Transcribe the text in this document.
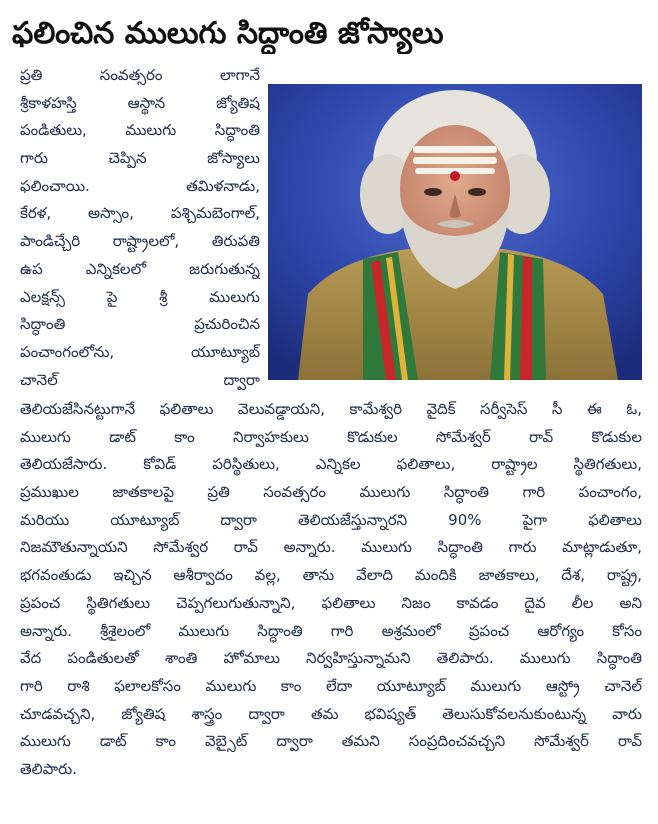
ఫలించిన ములుగు సిద్ధాంతి జోస్యాలు
ప్రతి సంవత్సరం లాగానే
శ్రీకాళహస్తి ఆస్థాన జ్యోతిష
పండితులు, ములుగు సిద్ధాంతి
గారు చెప్పిన జోస్యాలు
ఫలించాయి. తమిళనాడు,
కేరళ, అస్సాం, పశ్చిమబెంగాల్,
పాండిచ్చేరి రాష్ట్రాలలో, తిరుపతి
ఉప ఎన్నికలలో జరుగుతున్న
ఎలక్షన్స్ పై శ్రీ ములుగు
సిద్ధాంతి ప్రచురించిన
పంచాంగంలోను, యూట్యూబ్
చానెల్ ద్వారా
తెలియజేసినట్టుగానే ఫలితాలు వెలువడ్డాయని, కామేశ్వరి వైదిక్ సర్వీసెస్ సీ ఈ ఓ,
ములుగు డాట్ కాం నిర్వాహకులు కొడుకుల సోమేశ్వర్ రావ్ కొడుకుల
తెలియజేసారు. కోవిడ్ పరిస్థితులు, ఎన్నికల ఫలితాలు, రాష్ట్రాల స్థితిగతులు,
ప్రముఖుల జాతకాలపై ప్రతి సంవత్సరం ములుగు సిద్ధాంతి గారి పంచాంగం,
మరియు యూట్యూబ్ ద్వారా తెలియజేస్తున్నారని 90% పైగా ఫలితాలు
నిజమౌతున్నాయని సోమేశ్వర రావ్ అన్నారు. ములుగు సిద్ధాంతి గారు మాట్లాడుతూ,
భగవంతుడు ఇచ్చిన ఆశీర్వాదం వల్ల, తాను వేలాది మందికి జాతకాలు, దేశ, రాష్ట్ర,
ప్రపంచ స్థితిగతులు చెప్పగలుగుతున్నాని, ఫలితాలు నిజం కావడం దైవ లీల అని
అన్నారు. శ్రీశైలంలో ములుగు సిద్ధాంతి గారి అశ్రమంలో ప్రపంచ ఆరోగ్యం కోసం
వేద పండితులతో శాంతి హోమాలు నిర్వహిస్తున్నామని తెలిపారు. ములుగు సిద్ధాంతి
గారి రాశి ఫలాలకోసం ములుగు కాం లేదా యూట్యూబ్ ములుగు ఆస్ట్రో చానెల్
చూడవచ్చని, జ్యోతిష శాస్త్రం ద్వారా తమ భవిష్యత్ తెలుసుకోవలనుకుంటున్న వారు
ములుగు డాట్ కాం వెబ్సైట్ ద్వారా తమని సంప్రదించవచ్చని సోమేశ్వర్ రావ్
తెలిపారు.
